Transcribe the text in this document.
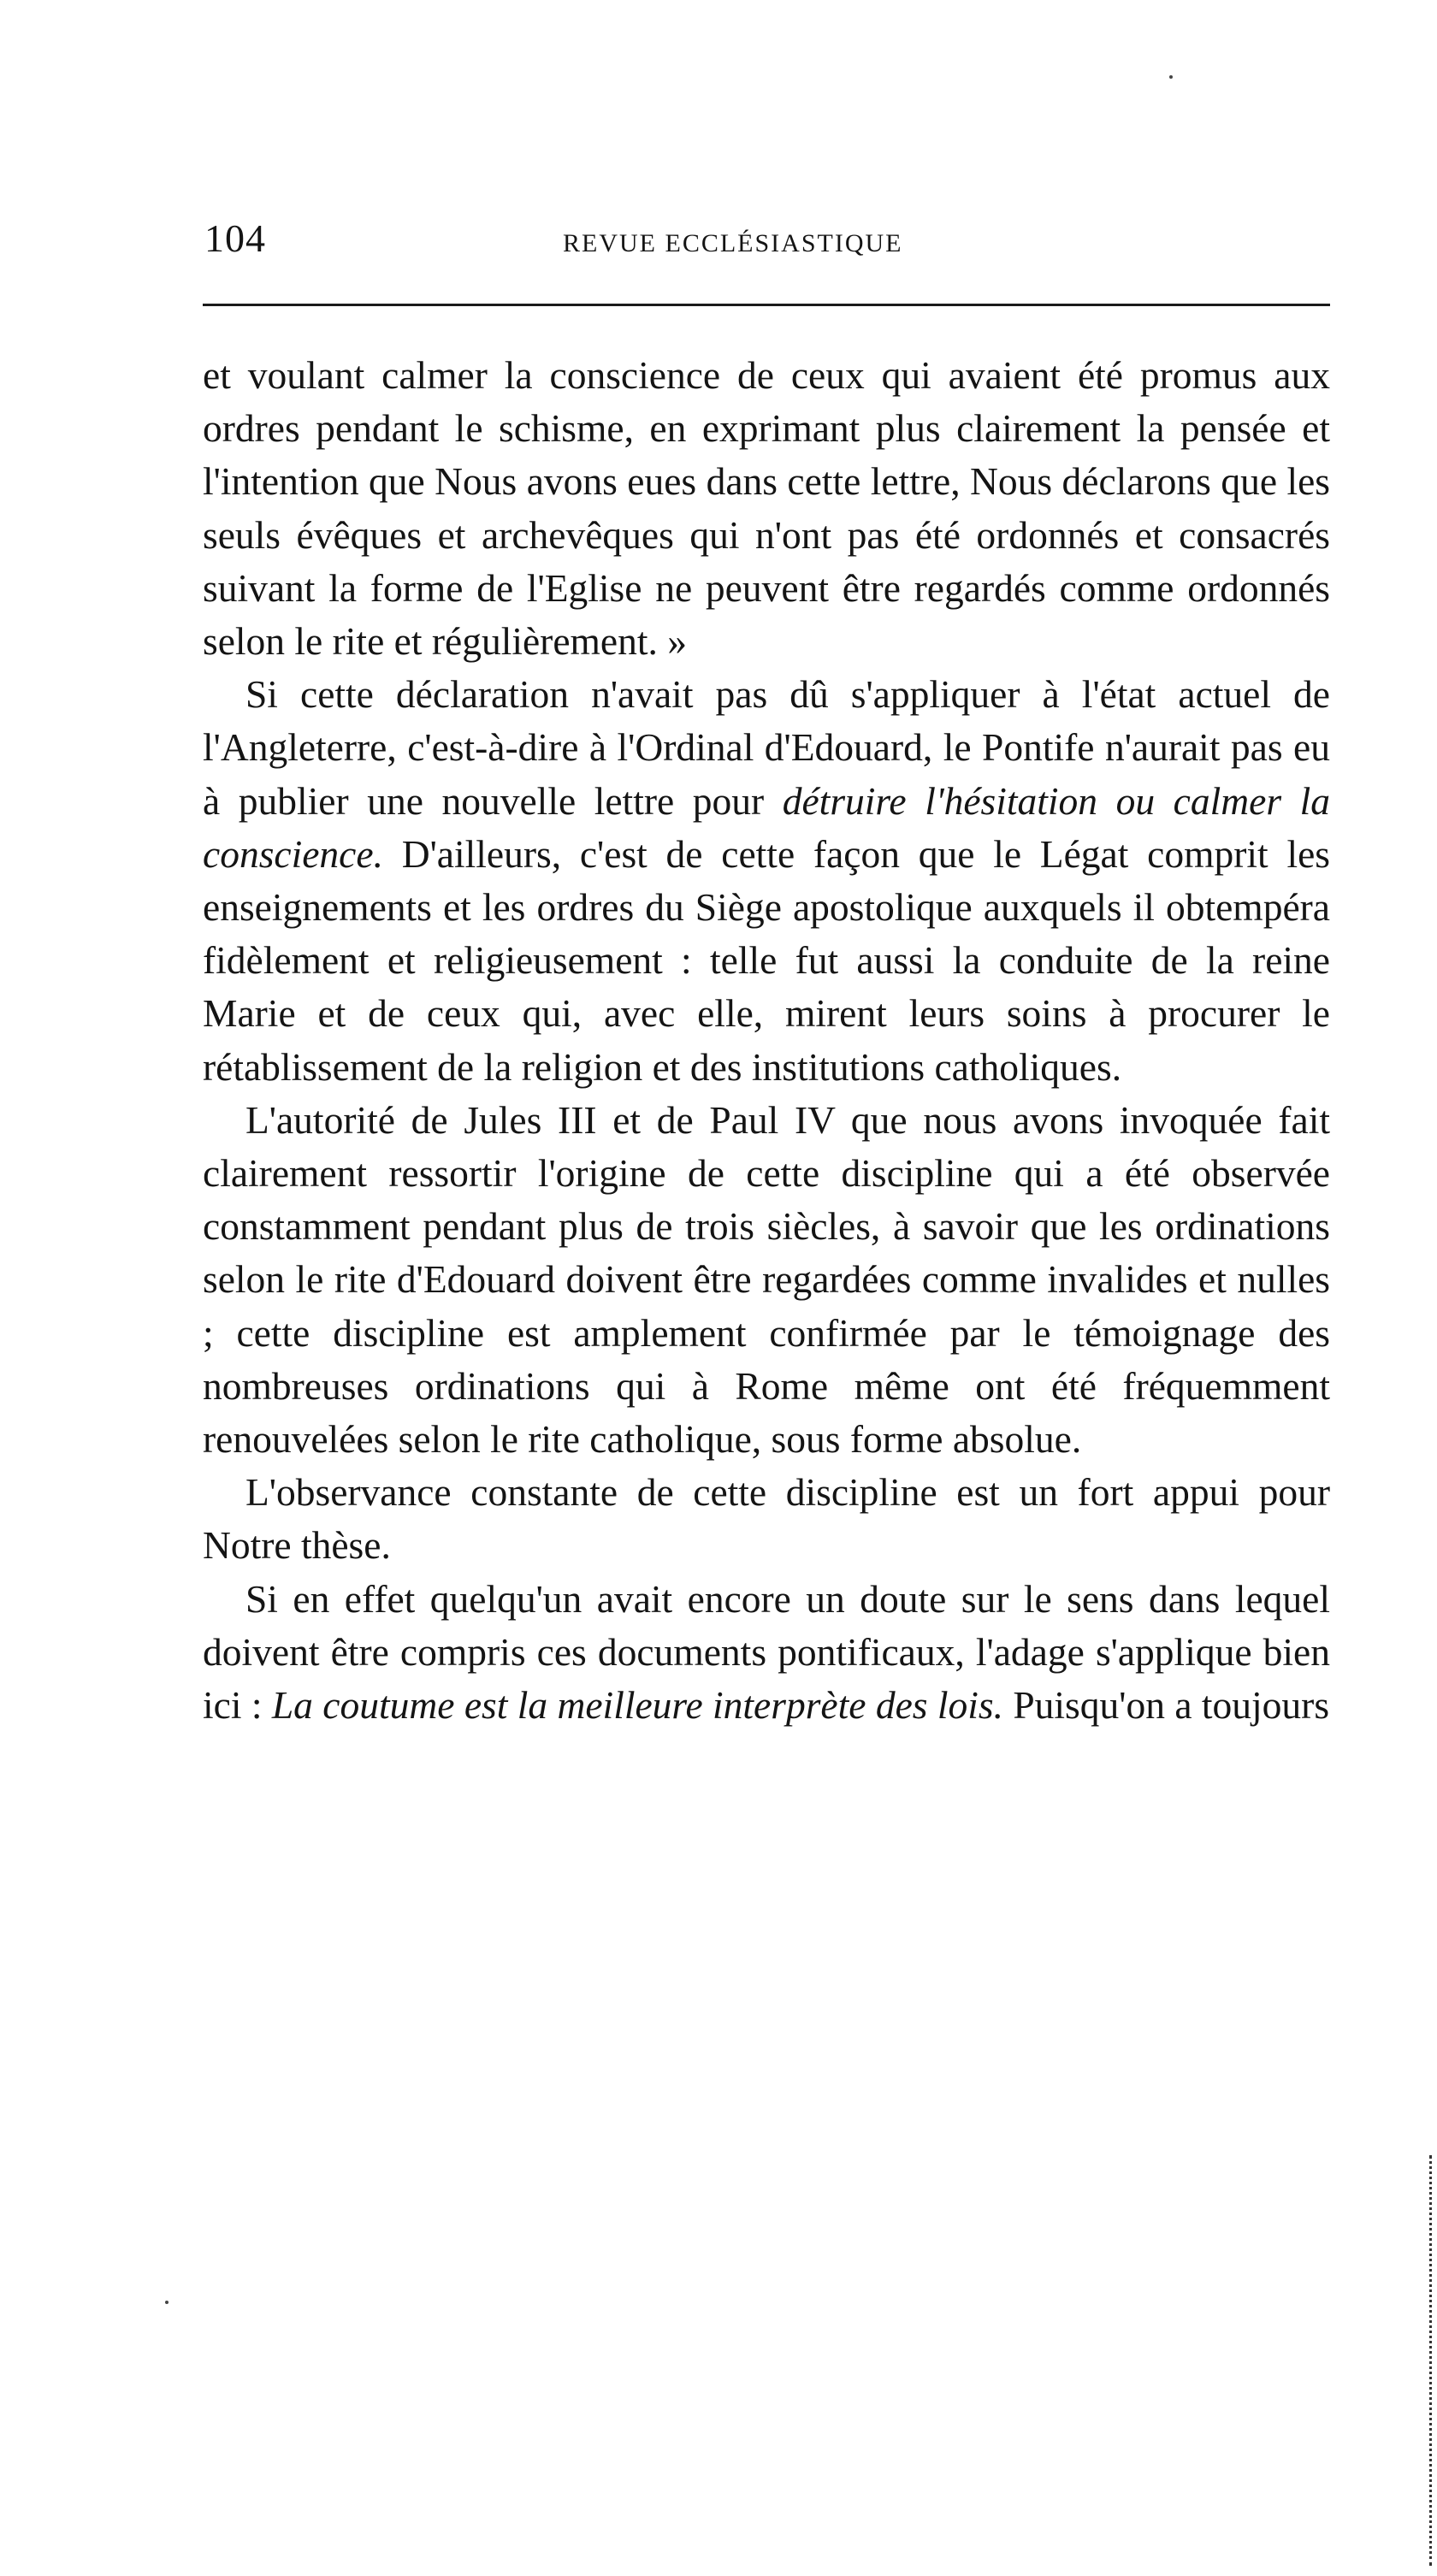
104	REVUE ECCLÉSIASTIQUE

et voulant calmer la conscience de ceux qui avaient été promus aux ordres pendant le schisme, en exprimant plus clairement la pensée et l'intention que Nous avons eues dans cette lettre, Nous déclarons que les seuls évêques et archevêques qui n'ont pas été ordonnés et consacrés suivant la forme de l'Eglise ne peuvent être regardés comme ordonnés selon le rite et régulièrement. »

Si cette déclaration n'avait pas dû s'appliquer à l'état actuel de l'Angleterre, c'est-à-dire à l'Ordinal d'Edouard, le Pontife n'aurait pas eu à publier une nouvelle lettre pour détruire l'hésitation ou calmer la conscience. D'ailleurs, c'est de cette façon que le Légat comprit les enseignements et les ordres du Siège apostolique auxquels il obtempéra fidèlement et religieusement : telle fut aussi la conduite de la reine Marie et de ceux qui, avec elle, mirent leurs soins à procurer le rétablissement de la religion et des institutions catholiques.

L'autorité de Jules III et de Paul IV que nous avons invoquée fait clairement ressortir l'origine de cette discipline qui a été observée constamment pendant plus de trois siècles, à savoir que les ordinations selon le rite d'Edouard doivent être regardées comme invalides et nulles ; cette discipline est amplement confirmée par le témoignage des nombreuses ordinations qui à Rome même ont été fréquemment renouvelées selon le rite catholique, sous forme absolue.

L'observance constante de cette discipline est un fort appui pour Notre thèse.

Si en effet quelqu'un avait encore un doute sur le sens dans lequel doivent être compris ces documents pontificaux, l'adage s'applique bien ici : La coutume est la meilleure interprète des lois. Puisqu'on a toujours
